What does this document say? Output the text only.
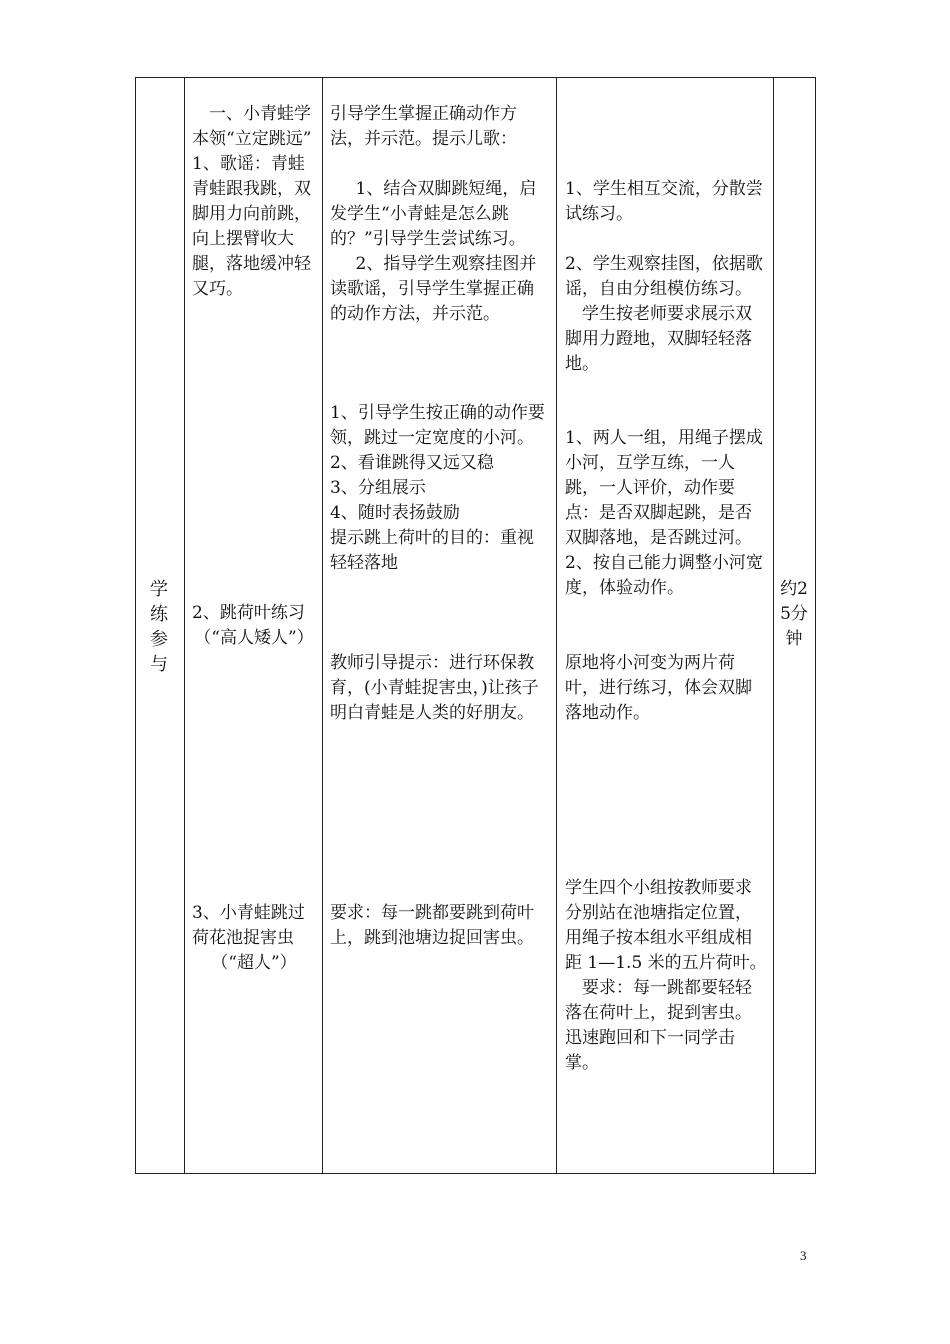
学练参与

一、小青蛙学本领“立定跳远”

1、歌谣：青蛙青蛙跟我跳，双脚用力向前跳，向上摆臂收大腿，落地缓冲轻又巧。

2、跳荷叶练习

（“高人矮人”）

3、小青蛙跳过荷花池捉害虫

（“超人”）

引导学生掌握正确动作方法，并示范。提示儿歌：

1、结合双脚跳短绳，启发学生“小青蛙是怎么跳的？”引导学生尝试练习。

2、指导学生观察挂图并读歌谣，引导学生掌握正确的动作方法，并示范。

1、引导学生按正确的动作要领，跳过一定宽度的小河。

2、看谁跳得又远又稳

3、分组展示

4、随时表扬鼓励

提示跳上荷叶的目的：重视轻轻落地

教师引导提示：进行环保教育，(小青蛙捉害虫，)让孩子明白青蛙是人类的好朋友。

要求：每一跳都要跳到荷叶上，跳到池塘边捉回害虫。

1、学生相互交流，分散尝试练习。

2、学生观察挂图，依据歌谣，自由分组模仿练习。

学生按老师要求展示双脚用力蹬地，双脚轻轻落地。

1、两人一组，用绳子摆成小河，互学互练，一人跳，一人评价，动作要点：是否双脚起跳，是否双脚落地，是否跳过河。

2、按自己能力调整小河宽度，体验动作。

原地将小河变为两片荷叶，进行练习，体会双脚落地动作。

学生四个小组按教师要求分别站在池塘指定位置，用绳子按本组水平组成相距 1—1.5 米的五片荷叶。

要求：每一跳都要轻轻落在荷叶上，捉到害虫。迅速跑回和下一同学击掌。

约25分钟
3
